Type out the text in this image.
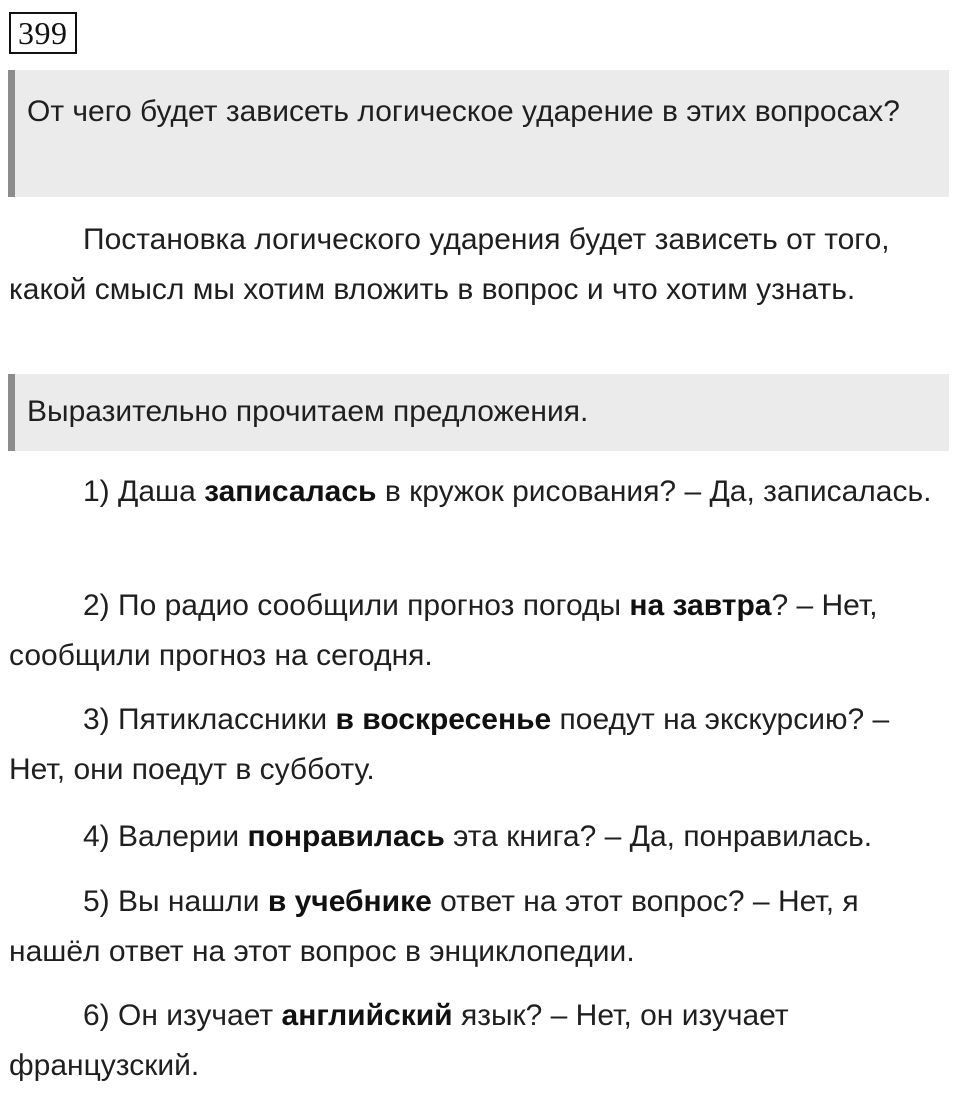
399
От чего будет зависеть логическое ударение в этих вопросах?

Постановка логического ударения будет зависеть от того, какой смысл мы хотим вложить в вопрос и что хотим узнать.

Выразительно прочитаем предложения.

1) Даша записалась в кружок рисования? – Да, записалась.

2) По радио сообщили прогноз погоды на завтра? – Нет, сообщили прогноз на сегодня.

3) Пятиклассники в воскресенье поедут на экскурсию? – Нет, они поедут в субботу.

4) Валерии понравилась эта книга? – Да, понравилась.

5) Вы нашли в учебнике ответ на этот вопрос? – Нет, я нашёл ответ на этот вопрос в энциклопедии.

6) Он изучает английский язык? – Нет, он изучает французский.
